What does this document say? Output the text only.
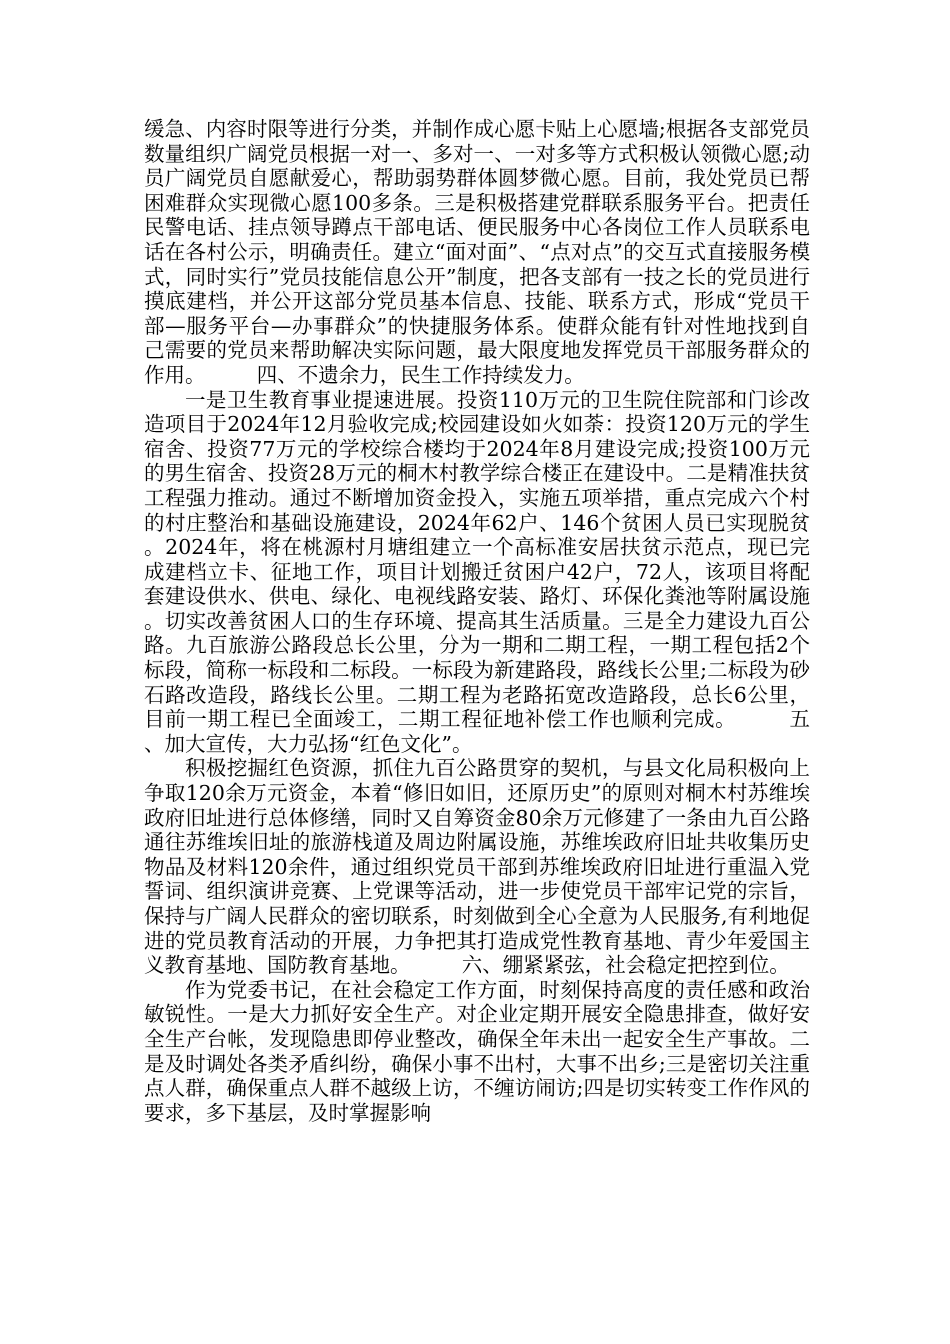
缓急、内容时限等进行分类，并制作成心愿卡贴上心愿墙;根据各支部党员数量组织广阔党员根据一对一、多对一、一对多等方式积极认领微心愿;动员广阔党员自愿献爱心，帮助弱势群体圆梦微心愿。目前，我处党员已帮困难群众实现微心愿100多条。三是积极搭建党群联系服务平台。把责任民警电话、挂点领导蹲点干部电话、便民服务中心各岗位工作人员联系电话在各村公示，明确责任。建立“面对面”、“点对点”的交互式直接服务模式，同时实行”党员技能信息公开”制度，把各支部有一技之长的党员进行摸底建档，并公开这部分党员基本信息、技能、联系方式，形成“党员干部—服务平台—办事群众”的快捷服务体系。使群众能有针对性地找到自己需要的党员来帮助解决实际问题，最大限度地发挥党员干部服务群众的作用。　　　	四、不遗余力，民生工作持续发力。

一是卫生教育事业提速进展。投资110万元的卫生院住院部和门诊改造项目于2024年12月验收完成;校园建设如火如荼：投资120万元的学生宿舍、投资77万元的学校综合楼均于2024年8月建设完成;投资100万元的男生宿舍、投资28万元的桐木村教学综合楼正在建设中。二是精准扶贫工程强力推动。通过不断增加资金投入，实施五项举措，重点完成六个村的村庄整治和基础设施建设，2024年62户、146个贫困人员已实现脱贫。2024年，将在桃源村月塘组建立一个高标准安居扶贫示范点，现已完成建档立卡、征地工作，项目计划搬迁贫困户42户，72人，该项目将配套建设供水、供电、绿化、电视线路安装、路灯、环保化粪池等附属设施。切实改善贫困人口的生存环境、提高其生活质量。三是全力建设九百公路。九百旅游公路段总长公里，分为一期和二期工程，一期工程包括2个标段，简称一标段和二标段。一标段为新建路段，路线长公里;二标段为砂石路改造段，路线长公里。二期工程为老路拓宽改造路段，总长6公里，目前一期工程已全面竣工，二期工程征地补偿工作也顺利完成。　　　	五、加大宣传，大力弘扬“红色文化”。

积极挖掘红色资源，抓住九百公路贯穿的契机，与县文化局积极向上争取120余万元资金，本着“修旧如旧，还原历史”的原则对桐木村苏维埃政府旧址进行总体修缮，同时又自筹资金80余万元修建了一条由九百公路通往苏维埃旧址的旅游栈道及周边附属设施，苏维埃政府旧址共收集历史物品及材料120余件，通过组织党员干部到苏维埃政府旧址进行重温入党誓词、组织演讲竞赛、上党课等活动，进一步使党员干部牢记党的宗旨，保持与广阔人民群众的密切联系，时刻做到全心全意为人民服务,有利地促进的党员教育活动的开展，力争把其打造成党性教育基地、青少年爱国主义教育基地、国防教育基地。　　　	六、绷紧紧弦，社会稳定把控到位。

作为党委书记，在社会稳定工作方面，时刻保持高度的责任感和政治敏锐性。一是大力抓好安全生产。对企业定期开展安全隐患排查，做好安全生产台帐，发现隐患即停业整改，确保全年未出一起安全生产事故。二是及时调处各类矛盾纠纷，确保小事不出村，大事不出乡;三是密切关注重点人群，确保重点人群不越级上访，不缠访闹访;四是切实转变工作作风的要求，多下基层，及时掌握影响
